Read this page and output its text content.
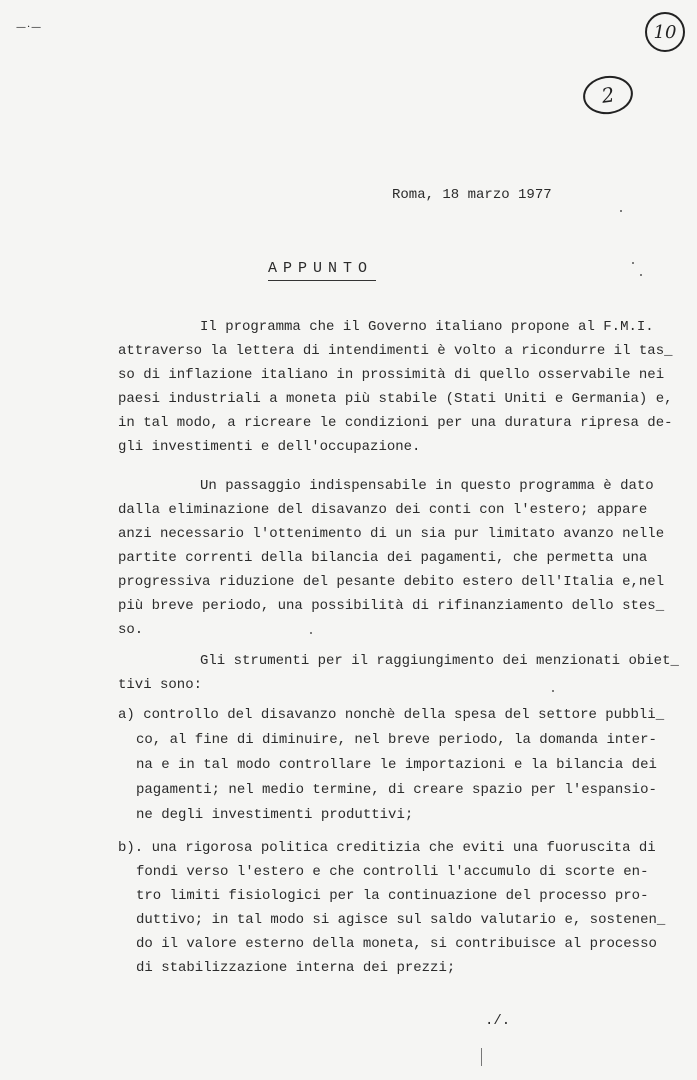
—·—	10
2
Roma, 18 marzo 1977
APPUNTO
Il programma che il Governo italiano propone al F.M.I.
attraverso la lettera di intendimenti è volto a ricondurre il tas_
so di inflazione italiano in prossimità di quello osservabile nei
paesi industriali a moneta più stabile (Stati Uniti e Germania) e,
in tal modo, a ricreare le condizioni per una duratura ripresa de-
gli investimenti e dell'occupazione.
Un passaggio indispensabile in questo programma è dato
dalla eliminazione del disavanzo dei conti con l'estero; appare
anzi necessario l'ottenimento di un sia pur limitato avanzo nelle
partite correnti della bilancia dei pagamenti, che permetta una
progressiva riduzione del pesante debito estero dell'Italia e,nel
più breve periodo, una possibilità di rifinanziamento dello stes_
so.
Gli strumenti per il raggiungimento dei menzionati obiet_
tivi sono:
a) controllo del disavanzo nonchè della spesa del settore pubbli_
co, al fine di diminuire, nel breve periodo, la domanda inter-
na e in tal modo controllare le importazioni e la bilancia dei
pagamenti; nel medio termine, di creare spazio per l'espansio-
ne degli investimenti produttivi;
b). una rigorosa politica creditizia che eviti una fuoruscita di
fondi verso l'estero e che controlli l'accumulo di scorte en-
tro limiti fisiologici per la continuazione del processo pro-
duttivo; in tal modo si agisce sul saldo valutario e, sostenen_
do il valore esterno della moneta, si contribuisce al processo
di stabilizzazione interna dei prezzi;
./.
